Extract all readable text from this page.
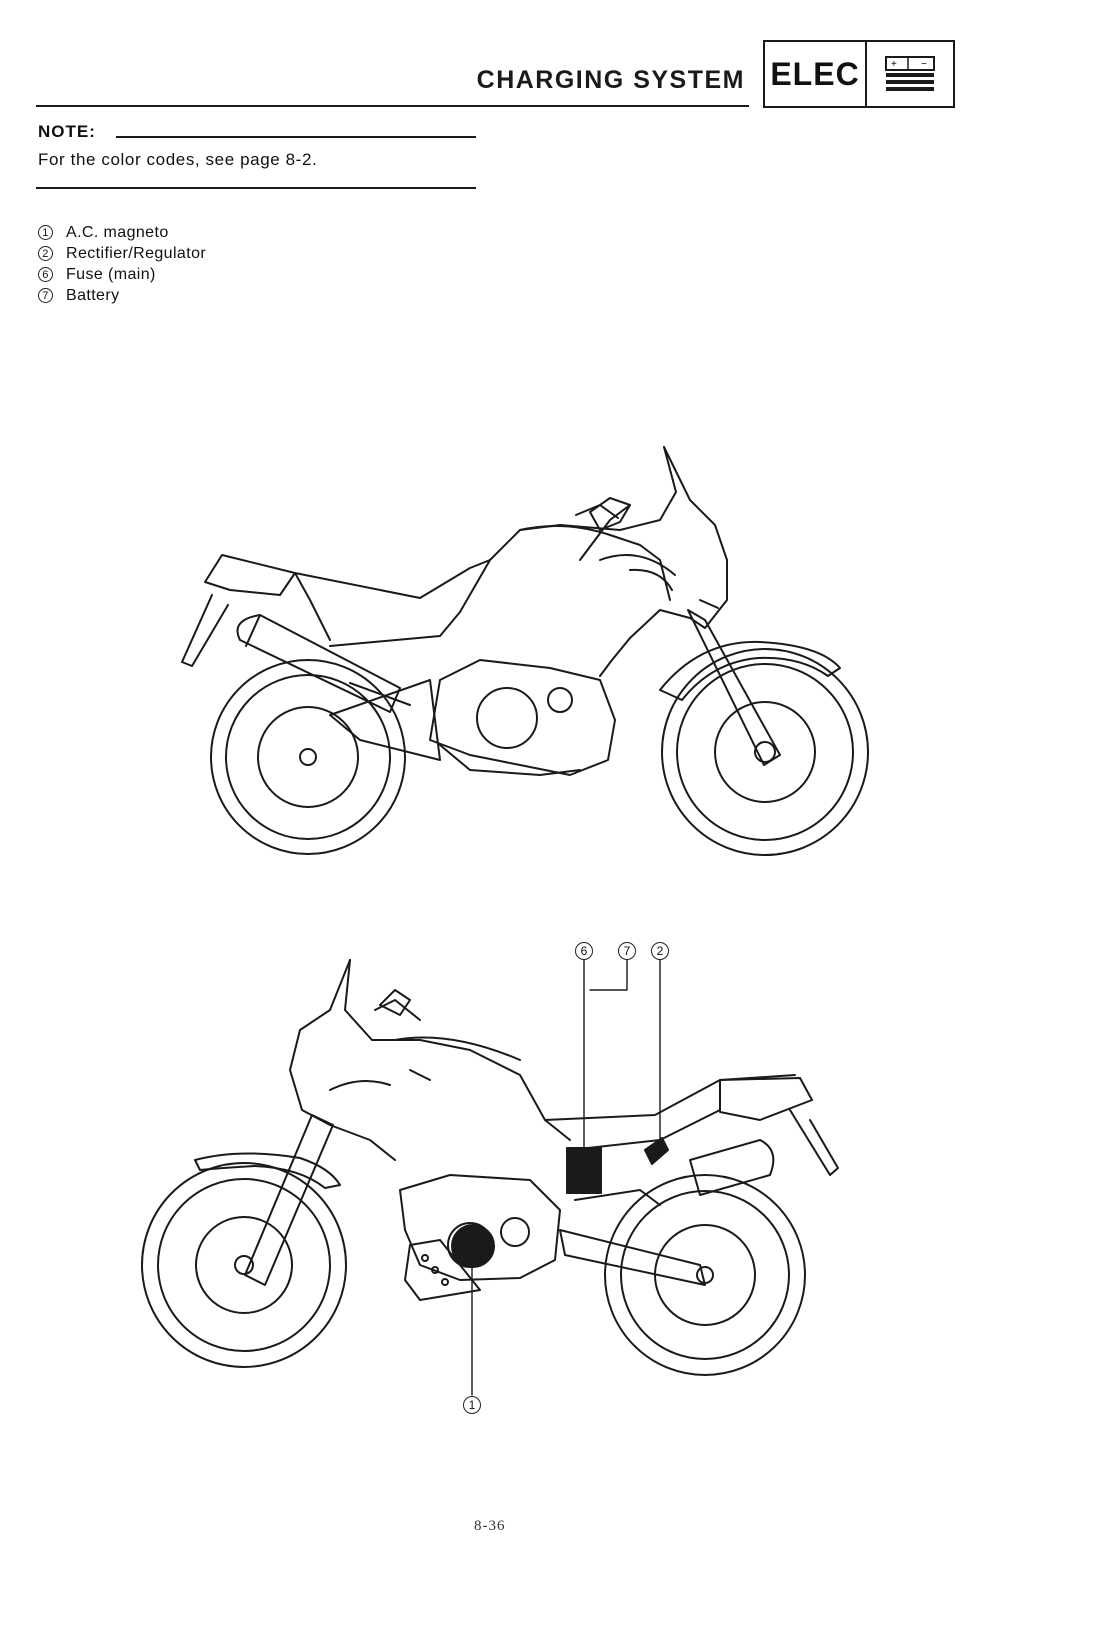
CHARGING SYSTEM ELEC	+ −
NOTE:
For the color codes, see page 8-2.
1 A.C. magneto
2 Rectifier/Regulator
6 Fuse (main)
7 Battery
6	7	2
1
8-36
